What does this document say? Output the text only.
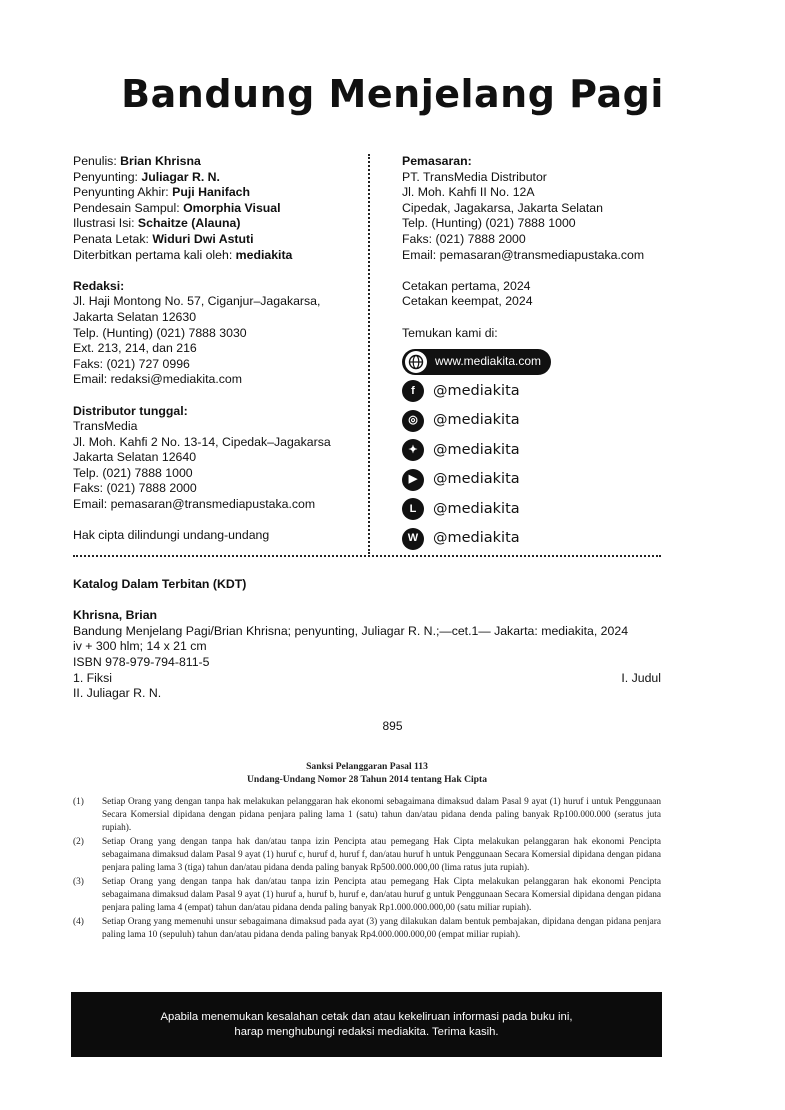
Bandung Menjelang Pagi
Penulis: Brian Khrisna
Penyunting: Juliagar R. N.
Penyunting Akhir: Puji Hanifach
Pendesain Sampul: Omorphia Visual
Ilustrasi Isi: Schaitze (Alauna)
Penata Letak: Widuri Dwi Astuti
Diterbitkan pertama kali oleh: mediakita
Redaksi:
Jl. Haji Montong No. 57, Ciganjur–Jagakarsa,
Jakarta Selatan 12630
Telp. (Hunting) (021) 7888 3030
Ext. 213, 214, dan 216
Faks: (021) 727 0996
Email: redaksi@mediakita.com
Distributor tunggal:
TransMedia
Jl. Moh. Kahfi 2 No. 13-14, Cipedak–Jagakarsa
Jakarta Selatan 12640
Telp. (021) 7888 1000
Faks: (021) 7888 2000
Email: pemasaran@transmediapustaka.com
Hak cipta dilindungi undang-undang
Pemasaran:
PT. TransMedia Distributor
Jl. Moh. Kahfi II No. 12A
Cipedak, Jagakarsa, Jakarta Selatan
Telp. (Hunting) (021) 7888 1000
Faks: (021) 7888 2000
Email: pemasaran@transmediapustaka.com
Cetakan pertama, 2024
Cetakan keempat, 2024
Temukan kami di:
www.mediakita.com
f	@mediakita
◎	@mediakita
✦	@mediakita
▶	@mediakita
L	@mediakita
W	@mediakita
Katalog Dalam Terbitan (KDT)
Khrisna, Brian
Bandung Menjelang Pagi/Brian Khrisna; penyunting, Juliagar R. N.;—cet.1— Jakarta: mediakita, 2024
iv + 300 hlm; 14 x 21 cm
ISBN 978-979-794-811-5
1. Fiksi	I. Judul
II. Juliagar R. N.
895
Sanksi Pelanggaran Pasal 113
Undang-Undang Nomor 28 Tahun 2014 tentang Hak Cipta
(1)	Setiap Orang yang dengan tanpa hak melakukan pelanggaran hak ekonomi sebagaimana dimaksud dalam Pasal 9 ayat (1) huruf i untuk Penggunaan Secara Komersial dipidana dengan pidana penjara paling lama 1 (satu) tahun dan/atau pidana denda paling banyak Rp100.000.000 (seratus juta rupiah).
(2)	Setiap Orang yang dengan tanpa hak dan/atau tanpa izin Pencipta atau pemegang Hak Cipta melakukan pelanggaran hak ekonomi Pencipta sebagaimana dimaksud dalam Pasal 9 ayat (1) huruf c, huruf d, huruf f, dan/atau huruf h untuk Penggunaan Secara Komersial dipidana dengan pidana penjara paling lama 3 (tiga) tahun dan/atau pidana denda paling banyak Rp500.000.000,00 (lima ratus juta rupiah).
(3)	Setiap Orang yang dengan tanpa hak dan/atau tanpa izin Pencipta atau pemegang Hak Cipta melakukan pelanggaran hak ekonomi Pencipta sebagaimana dimaksud dalam Pasal 9 ayat (1) huruf a, huruf b, huruf e, dan/atau huruf g untuk Penggunaan Secara Komersial dipidana dengan pidana penjara paling lama 4 (empat) tahun dan/atau pidana denda paling banyak Rp1.000.000.000,00 (satu miliar rupiah).
(4)	Setiap Orang yang memenuhi unsur sebagaimana dimaksud pada ayat (3) yang dilakukan dalam bentuk pembajakan, dipidana dengan pidana penjara paling lama 10 (sepuluh) tahun dan/atau pidana denda paling banyak Rp4.000.000.000,00 (empat miliar rupiah).
Apabila menemukan kesalahan cetak dan atau kekeliruan informasi pada buku ini,
harap menghubungi redaksi mediakita. Terima kasih.
